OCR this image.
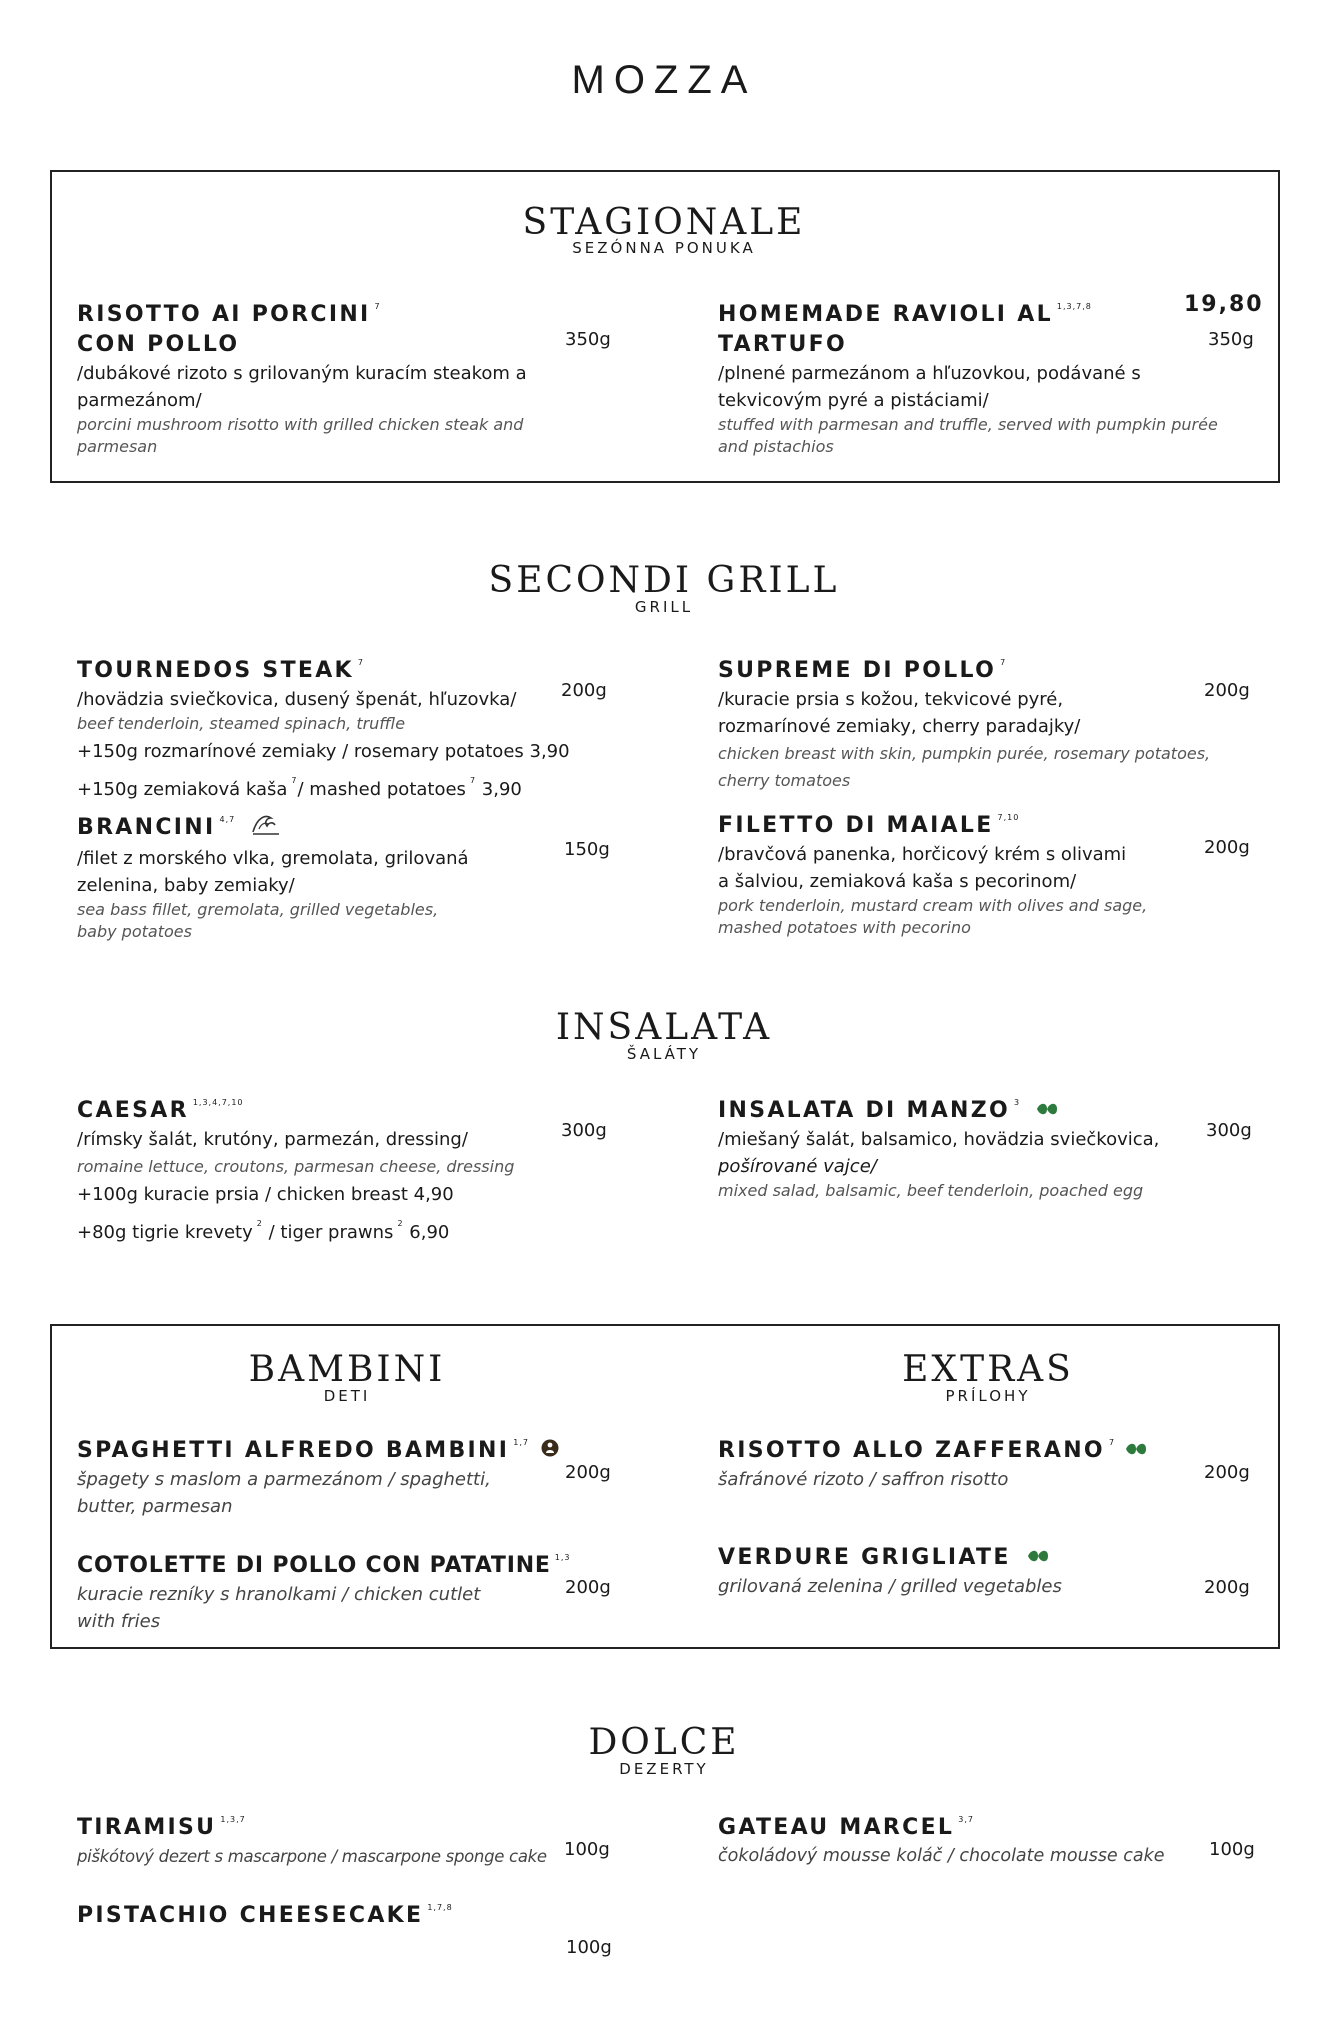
MOZZA
STAGIONALE
SEZÓNNA PONUKA
RISOTTO AI PORCINI $^7$
CON POLLO	350g
/dubákové rizoto s grilovaným kuracím steakom a
parmezánom/
porcini mushroom risotto with grilled chicken steak and
parmesan
HOMEMADE RAVIOLI AL $^{1,3,7,8}$
TARTUFO
19,80
350g
/plnené parmezánom a hľuzovkou, podávané s
tekvicovým pyré a pistáciami/
stuffed with parmesan and truffle, served with pumpkin purée
and pistachios
SECONDI GRILL
GRILL
TOURNEDOS STEAK $^7$
200g
/hovädzia sviečkovica, dusený špenát, hľuzovka/
beef tenderloin, steamed spinach, truffle
+150g rozmarínové zemiaky / rosemary potatoes 3,90
+150g zemiaková kaša $^7$/ mashed potatoes $^7$ 3,90
SUPREME DI POLLO $^7$
200g
/kuracie prsia s kožou, tekvicové pyré,
rozmarínové zemiaky, cherry paradajky/
chicken breast with skin, pumpkin purée, rosemary potatoes,
cherry tomatoes
BRANCINI $^{4,7}$
150g
/filet z morského vlka, gremolata, grilovaná
zelenina, baby zemiaky/
sea bass fillet, gremolata, grilled vegetables,
baby potatoes
FILETTO DI MAIALE $^{7,10}$
200g
/bravčová panenka, horčicový krém s olivami
a šalviou, zemiaková kaša s pecorinom/
pork tenderloin, mustard cream with olives and sage,
mashed potatoes with pecorino
INSALATA
ŠALÁTY
CAESAR $^{1,3,4,7,10}$
300g
/rímsky šalát, krutóny, parmezán, dressing/
romaine lettuce, croutons, parmesan cheese, dressing
+100g kuracie prsia / chicken breast 4,90
+80g tigrie krevety $^2$ / tiger prawns $^2$ 6,90
INSALATA DI MANZO $^3$
300g
/miešaný šalát, balsamico, hovädzia sviečkovica,
pošírované vajce/
mixed salad, balsamic, beef tenderloin, poached egg
BAMBINI
DETI
EXTRAS
PRÍLOHY
SPAGHETTI ALFREDO BAMBINI $^{1,7}$
200g
špagety s maslom a parmezánom / spaghetti,
butter, parmesan
COTOLETTE DI POLLO CON PATATINE $^{1,3}$
200g
kuracie rezníky s hranolkami / chicken cutlet
with fries
RISOTTO ALLO ZAFFERANO $^7$
200g
šafránové rizoto / saffron risotto
VERDURE GRIGLIATE
200g
grilovaná zelenina / grilled vegetables
DOLCE
DEZERTY
TIRAMISU $^{1,3,7}$
100g
piškótový dezert s mascarpone / mascarpone sponge cake
GATEAU MARCEL $^{3,7}$
100g
čokoládový mousse koláč / chocolate mousse cake
PISTACHIO CHEESECAKE $^{1,7,8}$
100g
